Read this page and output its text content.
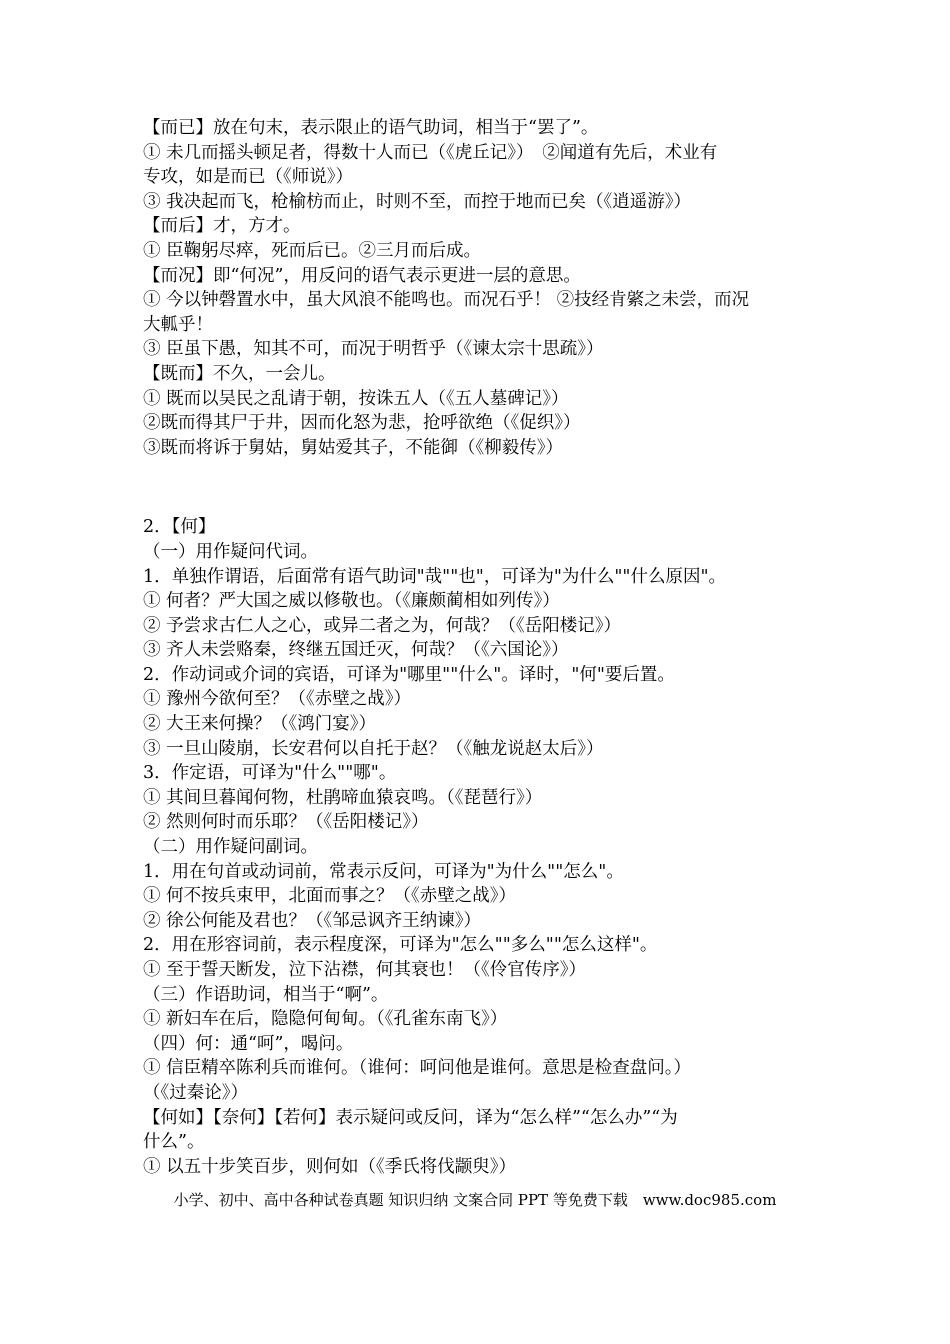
【而已】放在句末，表示限止的语气助词，相当于“罢了”。
① 未几而摇头顿足者，得数十人而已（《虎丘记》）　②闻道有先后，术业有
专攻，如是而已（《师说》）
③ 我决起而飞，枪榆枋而止，时则不至，而控于地而已矣（《逍遥游》）
【而后】才，方才。
① 臣鞠躬尽瘁，死而后已。②三月而后成。
【而况】即“何况”，用反问的语气表示更进一层的意思。
① 今以钟磬置水中，虽大风浪不能鸣也。而况石乎！ ②技经肯綮之未尝，而况
大軱乎！
③ 臣虽下愚，知其不可，而况于明哲乎（《谏太宗十思疏》）
【既而】不久，一会儿。
① 既而以吴民之乱请于朝，按诛五人（《五人墓碑记》）
②既而得其尸于井，因而化怒为悲，抢呼欲绝（《促织》）
③既而将诉于舅姑，舅姑爱其子，不能御（《柳毅传》）
2．【何】
（一）用作疑问代词。
1．单独作谓语，后面常有语气助词"哉""也"，可译为"为什么""什么原因"。
① 何者？严大国之威以修敬也。（《廉颇蔺相如列传》）
② 予尝求古仁人之心，或异二者之为，何哉？（《岳阳楼记》）
③ 齐人未尝赂秦，终继五国迁灭，何哉？（《六国论》）
2．作动词或介词的宾语，可译为"哪里""什么"。译时，"何"要后置。
① 豫州今欲何至？（《赤壁之战》）
② 大王来何操？（《鸿门宴》）
③ 一旦山陵崩，长安君何以自托于赵？（《触龙说赵太后》）
3．作定语，可译为"什么""哪"。
① 其间旦暮闻何物，杜鹃啼血猿哀鸣。（《琵琶行》）
② 然则何时而乐耶？（《岳阳楼记》）
（二）用作疑问副词。
1．用在句首或动词前，常表示反问，可译为"为什么""怎么"。
① 何不按兵束甲，北面而事之？（《赤壁之战》）
② 徐公何能及君也？（《邹忌讽齐王纳谏》）
2．用在形容词前，表示程度深，可译为"怎么""多么""怎么这样"。
① 至于誓天断发，泣下沾襟，何其衰也！（《伶官传序》）
（三）作语助词，相当于“啊”。
① 新妇车在后，隐隐何甸甸。（《孔雀东南飞》）
（四）何：通“呵”，喝问。
① 信臣精卒陈利兵而谁何。（谁何：呵问他是谁何。意思是检查盘问。）
（《过秦论》）
【何如】【奈何】【若何】表示疑问或反问，译为“怎么样”“怎么办”“为
什么”。
① 以五十步笑百步，则何如（《季氏将伐颛臾》）
小学、初中、高中各种试卷真题 知识归纳 文案合同 PPT 等免费下载　www.doc985.com
